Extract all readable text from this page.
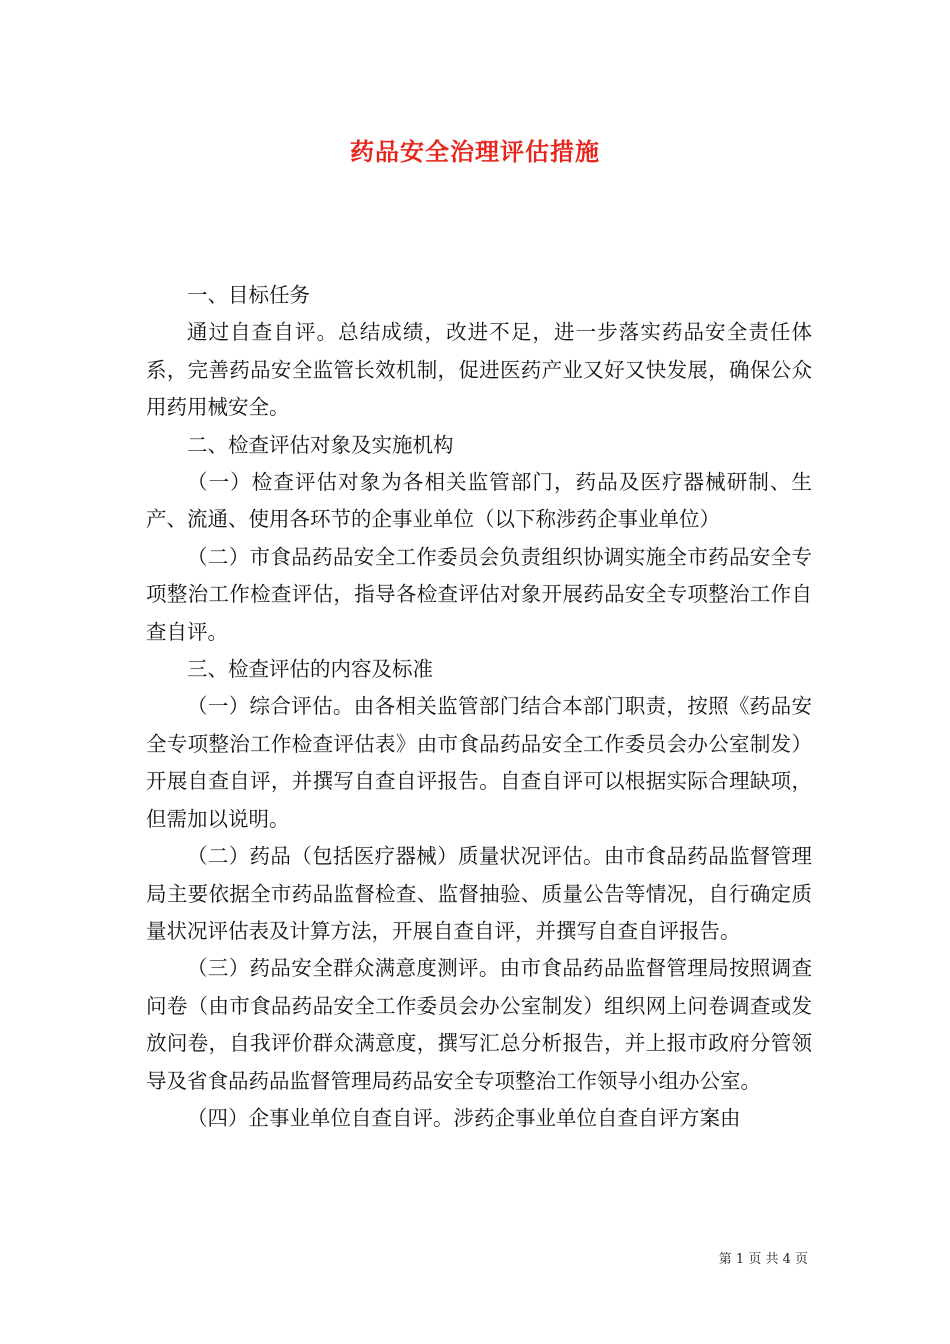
药品安全治理评估措施

一、目标任务

通过自查自评。总结成绩，改进不足，进一步落实药品安全责任体系，完善药品安全监管长效机制，促进医药产业又好又快发展，确保公众用药用械安全。

二、检查评估对象及实施机构

（一）检查评估对象为各相关监管部门，药品及医疗器械研制、生产、流通、使用各环节的企事业单位（以下称涉药企事业单位）

（二）市食品药品安全工作委员会负责组织协调实施全市药品安全专项整治工作检查评估，指导各检查评估对象开展药品安全专项整治工作自查自评。

三、检查评估的内容及标准

（一）综合评估。由各相关监管部门结合本部门职责，按照《药品安全专项整治工作检查评估表》由市食品药品安全工作委员会办公室制发）开展自查自评，并撰写自查自评报告。自查自评可以根据实际合理缺项，但需加以说明。

（二）药品（包括医疗器械）质量状况评估。由市食品药品监督管理局主要依据全市药品监督检查、监督抽验、质量公告等情况，自行确定质量状况评估表及计算方法，开展自查自评，并撰写自查自评报告。

（三）药品安全群众满意度测评。由市食品药品监督管理局按照调查问卷（由市食品药品安全工作委员会办公室制发）组织网上问卷调查或发放问卷，自我评价群众满意度，撰写汇总分析报告，并上报市政府分管领导及省食品药品监督管理局药品安全专项整治工作领导小组办公室。

（四）企事业单位自查自评。涉药企事业单位自查自评方案由

第 1 页 共 4 页
